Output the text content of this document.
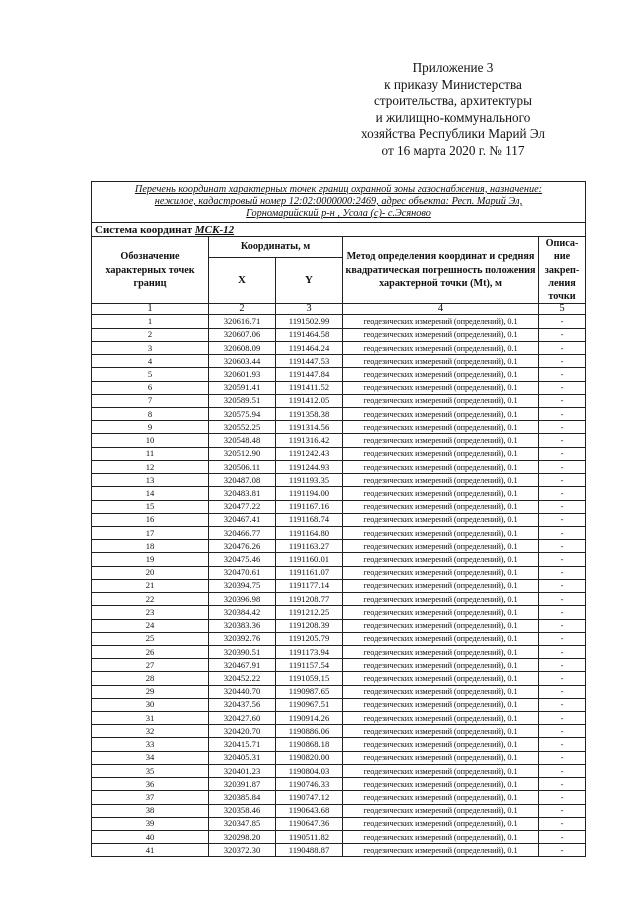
Приложение 3
к приказу Министерства
строительства, архитектуры
и жилищно-коммунального
хозяйства Республики Марий Эл
от 16 марта 2020 г. № 117
Перечень координат характерных точек границ охранной зоны газоснабжения, назначение:
нежилое, кадастровый номер 12:02:0000000:2469, адрес объекта: Респ. Марий Эл,
Горномарийский р-н , Усола (с)- с.Эсяново				

Система координат МСК-12				
Обозначение характерных точек границ	Координаты, м		Метод определения координат и средняя квадратическая погрешность положения характерной точки (Mt), м	Описа-ние закреп-ления точки
	X	Y		
1	2	3	4	5
1	320616.71	1191502.99	геодезических измерений (определений), 0.1	-
2	320607.06	1191464.58	геодезических измерений (определений), 0.1	-
3	320608.09	1191464.24	геодезических измерений (определений), 0.1	-
4	320603.44	1191447.53	геодезических измерений (определений), 0.1	-
5	320601.93	1191447.84	геодезических измерений (определений), 0.1	-
6	320591.41	1191411.52	геодезических измерений (определений), 0.1	-
7	320589.51	1191412.05	геодезических измерений (определений), 0.1	-
8	320575.94	1191358.38	геодезических измерений (определений), 0.1	-
9	320552.25	1191314.56	геодезических измерений (определений), 0.1	-
10	320548.48	1191316.42	геодезических измерений (определений), 0.1	-
11	320512.90	1191242.43	геодезических измерений (определений), 0.1	-
12	320506.11	1191244.93	геодезических измерений (определений), 0.1	-
13	320487.08	1191193.35	геодезических измерений (определений), 0.1	-
14	320483.81	1191194.00	геодезических измерений (определений), 0.1	-
15	320477.22	1191167.16	геодезических измерений (определений), 0.1	-
16	320467.41	1191168.74	геодезических измерений (определений), 0.1	-
17	320466.77	1191164.80	геодезических измерений (определений), 0.1	-
18	320476.26	1191163.27	геодезических измерений (определений), 0.1	-
19	320475.46	1191160.01	геодезических измерений (определений), 0.1	-
20	320470.61	1191161.07	геодезических измерений (определений), 0.1	-
21	320394.75	1191177.14	геодезических измерений (определений), 0.1	-
22	320396.98	1191208.77	геодезических измерений (определений), 0.1	-
23	320384.42	1191212.25	геодезических измерений (определений), 0.1	-
24	320383.36	1191208.39	геодезических измерений (определений), 0.1	-
25	320392.76	1191205.79	геодезических измерений (определений), 0.1	-
26	320390.51	1191173.94	геодезических измерений (определений), 0.1	-
27	320467.91	1191157.54	геодезических измерений (определений), 0.1	-
28	320452.22	1191059.15	геодезических измерений (определений), 0.1	-
29	320440.70	1190987.65	геодезических измерений (определений), 0.1	-
30	320437.56	1190967.51	геодезических измерений (определений), 0.1	-
31	320427.60	1190914.26	геодезических измерений (определений), 0.1	-
32	320420.70	1190886.06	геодезических измерений (определений), 0.1	-
33	320415.71	1190868.18	геодезических измерений (определений), 0.1	-
34	320405.31	1190820.00	геодезических измерений (определений), 0.1	-
35	320401.23	1190804.03	геодезических измерений (определений), 0.1	-
36	320391.87	1190746.33	геодезических измерений (определений), 0.1	-
37	320385.84	1190747.12	геодезических измерений (определений), 0.1	-
38	320358.46	1190643.68	геодезических измерений (определений), 0.1	-
39	320347.85	1190647.36	геодезических измерений (определений), 0.1	-
40	320298.20	1190511.82	геодезических измерений (определений), 0.1	-
41	320372.30	1190488.87	геодезических измерений (определений), 0.1	-
